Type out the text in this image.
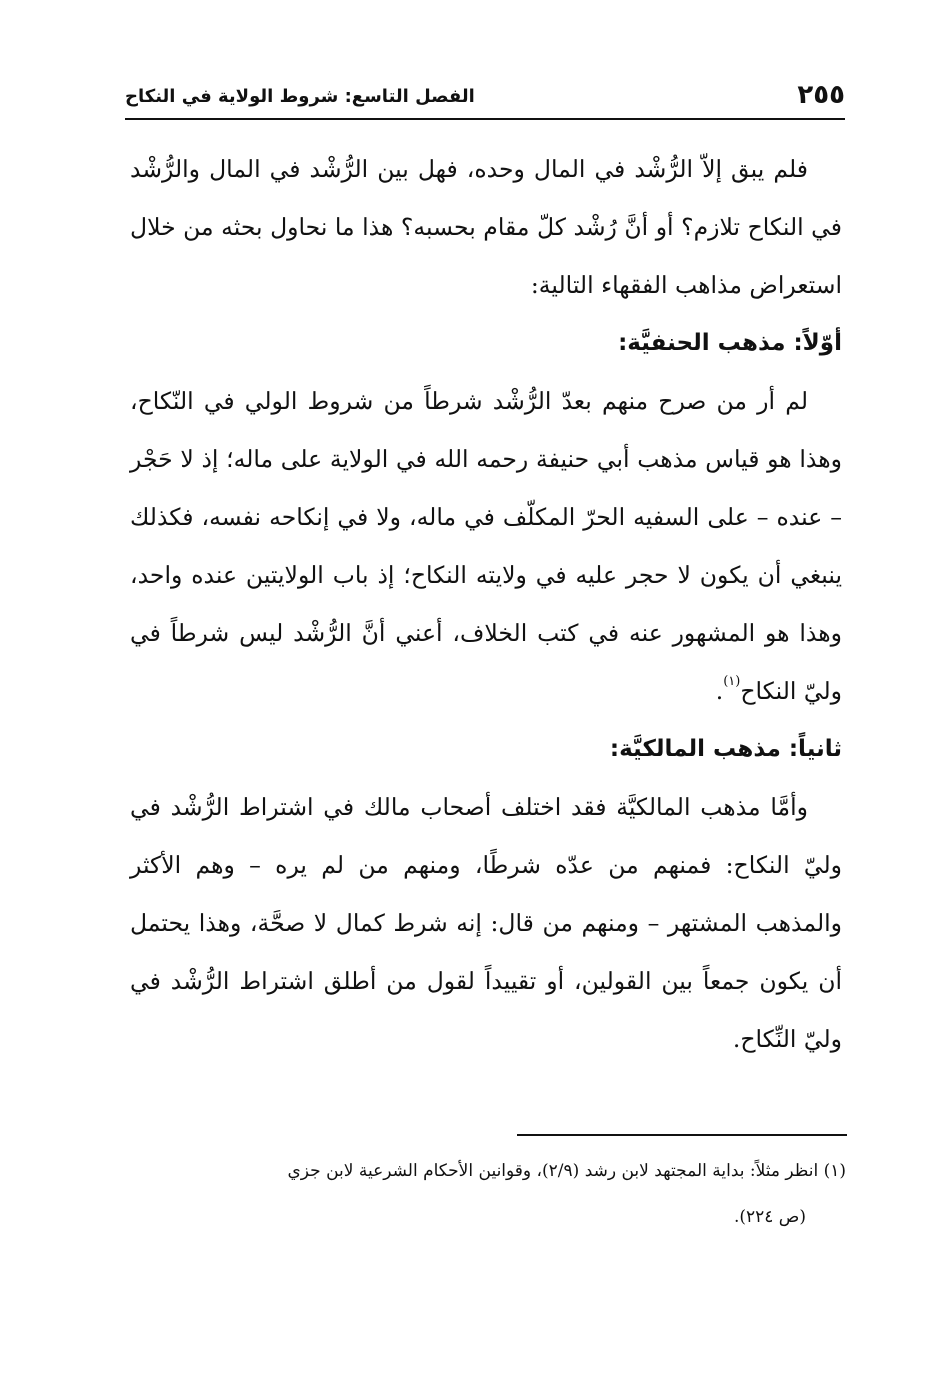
٢٥٥
الفصل التاسع: شروط الولاية في النكاح

فلم يبق إلاّ الرُّشْد في المال وحده، فهل بين الرُّشْد في المال والرُّشْد في النكاح تلازم؟ أو أنَّ رُشْد كلّ مقام بحسبه؟ هذا ما نحاول بحثه من خلال استعراض مذاهب الفقهاء التالية:

أوّلاً: مذهب الحنفيَّة:

لم أر من صرح منهم بعدّ الرُّشْد شرطاً من شروط الولي في النّكاح، وهذا هو قياس مذهب أبي حنيفة رحمه الله في الولاية على ماله؛ إذ لا حَجْر – عنده – على السفيه الحرّ المكلّف في ماله، ولا في إنكاحه نفسه، فكذلك ينبغي أن يكون لا حجر عليه في ولايته النكاح؛ إذ باب الولايتين عنده واحد، وهذا هو المشهور عنه في كتب الخلاف، أعني أنَّ الرُّشْد ليس شرطاً في وليّ النكاح$^{(١)}$.

ثانياً: مذهب المالكيَّة:

وأمَّا مذهب المالكيَّة فقد اختلف أصحاب مالك في اشتراط الرُّشْد في وليّ النكاح: فمنهم من عدّه شرطًا، ومنهم من لم يره – وهم الأكثر والمذهب المشتهر – ومنهم من قال: إنه شرط كمال لا صحَّة، وهذا يحتمل أن يكون جمعاً بين القولين، أو تقييداً لقول من أطلق اشتراط الرُّشْد في وليّ النِّكاح.

(١) انظر مثلاً: بداية المجتهد لابن رشد (٢/٩)، وقوانين الأحكام الشرعية لابن جزي

(ص ٢٢٤).
